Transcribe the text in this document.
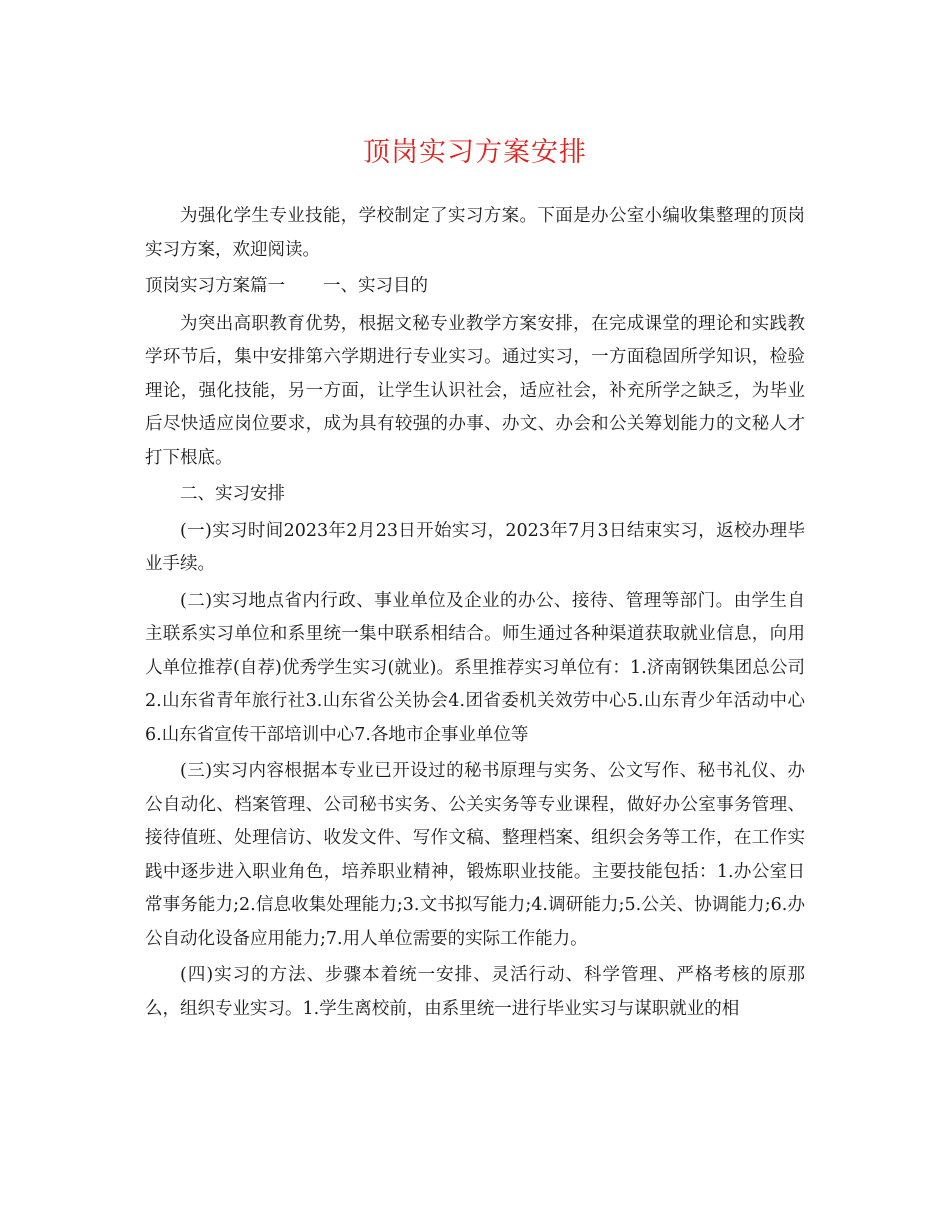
顶岗实习方案安排

为强化学生专业技能，学校制定了实习方案。下面是办公室小编收集整理的顶岗实习方案，欢迎阅读。

顶岗实习方案篇一 一、实习目的

为突出高职教育优势，根据文秘专业教学方案安排，在完成课堂的理论和实践教学环节后，集中安排第六学期进行专业实习。通过实习，一方面稳固所学知识，检验理论，强化技能，另一方面，让学生认识社会，适应社会，补充所学之缺乏，为毕业后尽快适应岗位要求，成为具有较强的办事、办文、办会和公关筹划能力的文秘人才打下根底。

二、实习安排

(一)实习时间2023年2月23日开始实习，2023年7月3日结束实习，返校办理毕业手续。

(二)实习地点省内行政、事业单位及企业的办公、接待、管理等部门。由学生自主联系实习单位和系里统一集中联系相结合。师生通过各种渠道获取就业信息，向用人单位推荐(自荐)优秀学生实习(就业)。系里推荐实习单位有：1.济南钢铁集团总公司2.山东省青年旅行社3.山东省公关协会4.团省委机关效劳中心5.山东青少年活动中心6.山东省宣传干部培训中心7.各地市企事业单位等

(三)实习内容根据本专业已开设过的秘书原理与实务、公文写作、秘书礼仪、办公自动化、档案管理、公司秘书实务、公关实务等专业课程，做好办公室事务管理、接待值班、处理信访、收发文件、写作文稿、整理档案、组织会务等工作，在工作实践中逐步进入职业角色，培养职业精神，锻炼职业技能。主要技能包括：1.办公室日常事务能力;2.信息收集处理能力;3.文书拟写能力;4.调研能力;5.公关、协调能力;6.办公自动化设备应用能力;7.用人单位需要的实际工作能力。

(四)实习的方法、步骤本着统一安排、灵活行动、科学管理、严格考核的原那么，组织专业实习。1.学生离校前，由系里统一进行毕业实习与谋职就业的相
